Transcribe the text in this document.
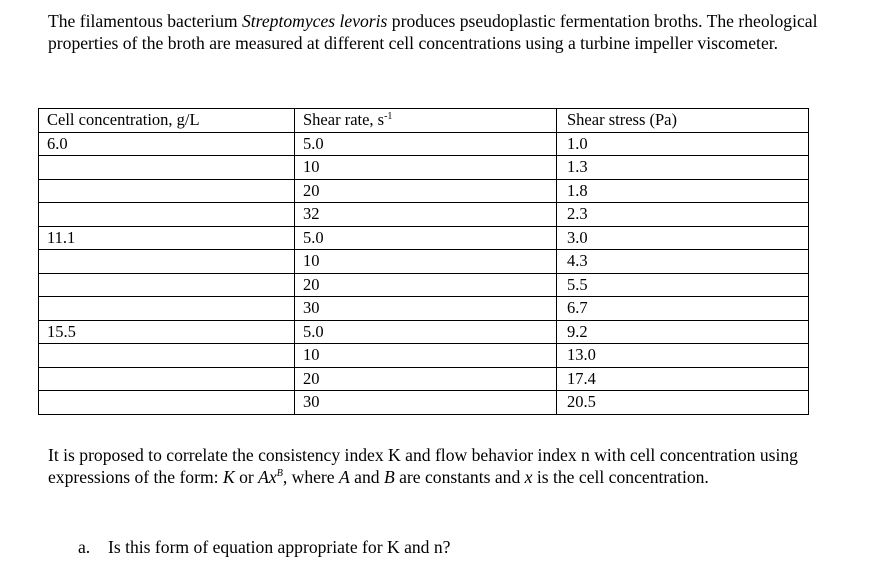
The filamentous bacterium Streptomyces levoris produces pseudoplastic fermentation broths. The rheological properties of the broth are measured at different cell concentrations using a turbine impeller viscometer.

Cell concentration, g/L	Shear rate, $s^{-1}$	Shear stress (Pa)
6.0	5.0	1.0
	10	1.3
	20	1.8
	32	2.3
11.1	5.0	3.0
	10	4.3
	20	5.5
	30	6.7
15.5	5.0	9.2
	10	13.0
	20	17.4
	30	20.5

It is proposed to correlate the consistency index K and flow behavior index n with cell concentration using expressions of the form: K or $Ax^B$, where A and B are constants and x is the cell concentration.

a. Is this form of equation appropriate for K and n?
